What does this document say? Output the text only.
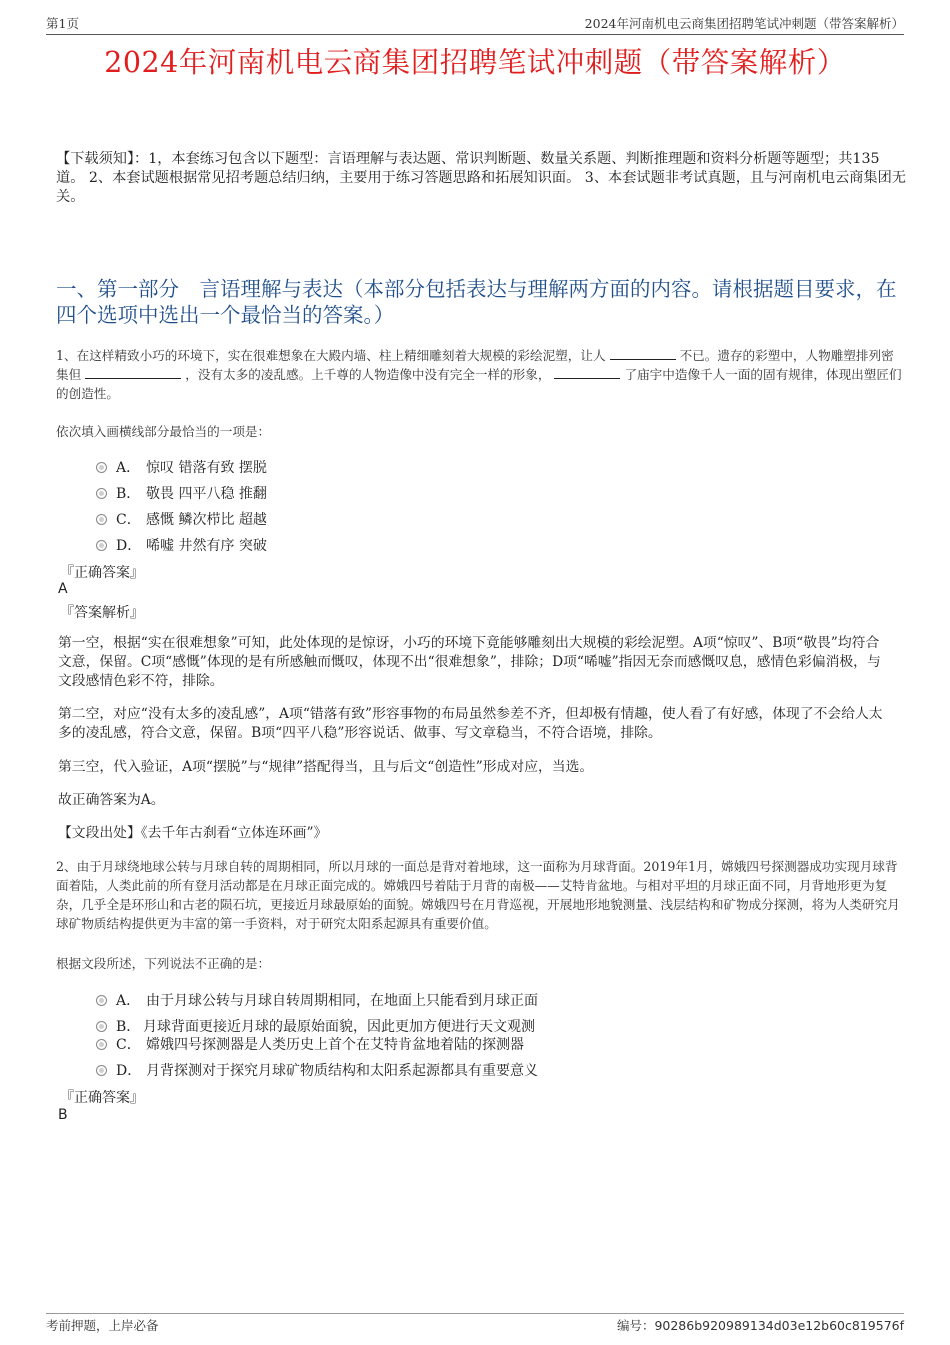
第1页	2024年河南机电云商集团招聘笔试冲刺题（带答案解析）
2024年河南机电云商集团招聘笔试冲刺题（带答案解析）
【下载须知】：1，本套练习包含以下题型：言语理解与表达题、常识判断题、数量关系题、判断推理题和资料分析题等题型；共135道。 2、本套试题根据常见招考题总结归纳，主要用于练习答题思路和拓展知识面。 3、本套试题非考试真题，且与河南机电云商集团无关。
一、第一部分　言语理解与表达（本部分包括表达与理解两方面的内容。请根据题目要求，在四个选项中选出一个最恰当的答案。）
1、在这样精致小巧的环境下，实在很难想象在大殿内墙、柱上精细雕刻着大规模的彩绘泥塑，让人	不已。遗存的彩塑中，人物雕塑排列密集但	，没有太多的凌乱感。上千尊的人物造像中没有完全一样的形象，	了庙宇中造像千人一面的固有规律，体现出塑匠们的创造性。
依次填入画横线部分最恰当的一项是：
A． 惊叹 错落有致 摆脱
B． 敬畏 四平八稳 推翻
C． 感慨 鳞次栉比 超越
D． 唏嘘 井然有序 突破
『正确答案』
A
『答案解析』
第一空，根据“实在很难想象”可知，此处体现的是惊讶，小巧的环境下竟能够雕刻出大规模的彩绘泥塑。A项“惊叹”、B项“敬畏”均符合文意，保留。C项“感慨”体现的是有所感触而慨叹，体现不出“很难想象”，排除；D项“唏嘘”指因无奈而感慨叹息，感情色彩偏消极，与文段感情色彩不符，排除。
第二空，对应“没有太多的凌乱感”，A项“错落有致”形容事物的布局虽然参差不齐，但却极有情趣，使人看了有好感，体现了不会给人太多的凌乱感，符合文意，保留。B项“四平八稳”形容说话、做事、写文章稳当，不符合语境，排除。
第三空，代入验证，A项“摆脱”与“规律”搭配得当，且与后文“创造性”形成对应，当选。
故正确答案为A。
【文段出处】《去千年古刹看“立体连环画”》
2、由于月球绕地球公转与月球自转的周期相同，所以月球的一面总是背对着地球，这一面称为月球背面。2019年1月，嫦娥四号探测器成功实现月球背面着陆，人类此前的所有登月活动都是在月球正面完成的。嫦娥四号着陆于月背的南极——艾特肯盆地。与相对平坦的月球正面不同，月背地形更为复杂，几乎全是环形山和古老的陨石坑，更接近月球最原始的面貌。嫦娥四号在月背巡视，开展地形地貌测量、浅层结构和矿物成分探测，将为人类研究月球矿物质结构提供更为丰富的第一手资料，对于研究太阳系起源具有重要价值。
根据文段所述，下列说法不正确的是：
A． 由于月球公转与月球自转周期相同，在地面上只能看到月球正面
B． 月球背面更接近月球的最原始面貌，因此更加方便进行天文观测
C． 嫦娥四号探测器是人类历史上首个在艾特肯盆地着陆的探测器
D． 月背探测对于探究月球矿物质结构和太阳系起源都具有重要意义
『正确答案』
B
考前押题，上岸必备	编号：90286b920989134d03e12b60c819576f
